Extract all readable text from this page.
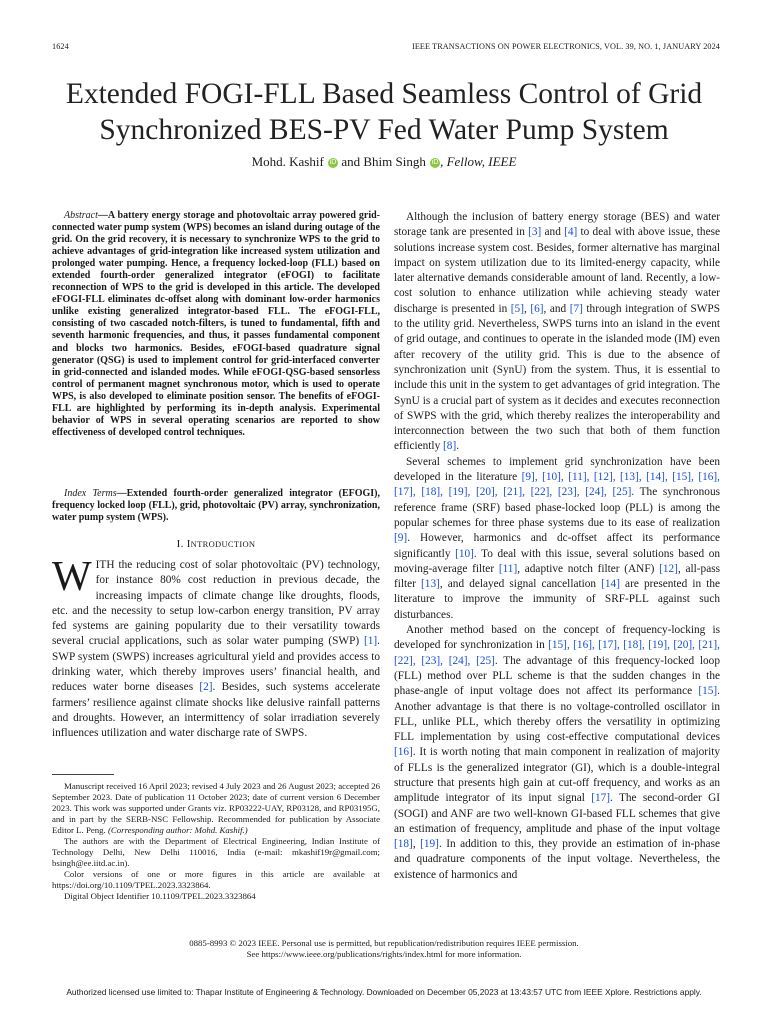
1624	IEEE TRANSACTIONS ON POWER ELECTRONICS, VOL. 39, NO. 1, JANUARY 2024
Extended FOGI-FLL Based Seamless Control of Grid
Synchronized BES-PV Fed Water Pump System
Mohd. Kashif iD and Bhim Singh iD , Fellow, IEEE
Abstract—A battery energy storage and photovoltaic array powered grid-connected water pump system (WPS) becomes an island during outage of the grid. On the grid recovery, it is necessary to synchronize WPS to the grid to achieve advantages of grid-integration like increased system utilization and prolonged water pumping. Hence, a frequency locked-loop (FLL) based on extended fourth-order generalized integrator (eFOGI) to facilitate reconnection of WPS to the grid is developed in this article. The developed eFOGI-FLL eliminates dc-offset along with dominant low-order harmonics unlike existing generalized integrator-based FLL. The eFOGI-FLL, consisting of two cascaded notch-filters, is tuned to fundamental, fifth and seventh harmonic frequencies, and thus, it passes fundamental component and blocks two harmonics. Besides, eFOGI-based quadrature signal generator (QSG) is used to implement control for grid-interfaced converter in grid-connected and islanded modes. While eFOGI-QSG-based sensorless control of permanent magnet synchronous motor, which is used to operate WPS, is also developed to eliminate position sensor. The benefits of eFOGI-FLL are highlighted by performing its in-depth analysis. Experimental behavior of WPS in several operating scenarios are reported to show effectiveness of developed control techniques.
Index Terms—Extended fourth-order generalized integrator (EFOGI), frequency locked loop (FLL), grid, photovoltaic (PV) array, synchronization, water pump system (WPS).
I. INTRODUCTION
WITH the reducing cost of solar photovoltaic (PV) technology, for instance 80% cost reduction in previous decade, the increasing impacts of climate change like droughts, floods, etc. and the necessity to setup low-carbon energy transition, PV array fed systems are gaining popularity due to their versatility towards several crucial applications, such as solar water pumping (SWP) [1]. SWP system (SWPS) increases agricultural yield and provides access to drinking water, which thereby improves users’ financial health, and reduces water borne diseases [2]. Besides, such systems accelerate farmers’ resilience against climate shocks like delusive rainfall patterns and droughts. However, an intermittency of solar irradiation severely influences utilization and water discharge rate of SWPS.

Manuscript received 16 April 2023; revised 4 July 2023 and 26 August 2023; accepted 26 September 2023. Date of publication 11 October 2023; date of current version 6 December 2023. This work was supported under Grants viz. RP03222-UAY, RP03128, and RP03195G, and in part by the SERB-NSC Fellowship. Recommended for publication by Associate Editor L. Peng. (Corresponding author: Mohd. Kashif.)

The authors are with the Department of Electrical Engineering, Indian Institute of Technology Delhi, New Delhi 110016, India (e-mail: mkashif19r@gmail.com; bsingh@ee.iitd.ac.in).

Color versions of one or more figures in this article are available at https://doi.org/10.1109/TPEL.2023.3323864.

Digital Object Identifier 10.1109/TPEL.2023.3323864

Although the inclusion of battery energy storage (BES) and water storage tank are presented in [3] and [4] to deal with above issue, these solutions increase system cost. Besides, former alternative has marginal impact on system utilization due to its limited-energy capacity, while later alternative demands considerable amount of land. Recently, a low-cost solution to enhance utilization while achieving steady water discharge is presented in [5], [6], and [7] through integration of SWPS to the utility grid. Nevertheless, SWPS turns into an island in the event of grid outage, and continues to operate in the islanded mode (IM) even after recovery of the utility grid. This is due to the absence of synchronization unit (SynU) from the system. Thus, it is essential to include this unit in the system to get advantages of grid integration. The SynU is a crucial part of system as it decides and executes reconnection of SWPS with the grid, which thereby realizes the interoperability and interconnection between the two such that both of them function efficiently [8].

Several schemes to implement grid synchronization have been developed in the literature [9], [10], [11], [12], [13], [14], [15], [16], [17], [18], [19], [20], [21], [22], [23], [24], [25]. The synchronous reference frame (SRF) based phase-locked loop (PLL) is among the popular schemes for three phase systems due to its ease of realization [9]. However, harmonics and dc-offset affect its performance significantly [10]. To deal with this issue, several solutions based on moving-average filter [11], adaptive notch filter (ANF) [12], all-pass filter [13], and delayed signal cancellation [14] are presented in the literature to improve the immunity of SRF-PLL against such disturbances.

Another method based on the concept of frequency-locking is developed for synchronization in [15], [16], [17], [18], [19], [20], [21], [22], [23], [24], [25]. The advantage of this frequency-locked loop (FLL) method over PLL scheme is that the sudden changes in the phase-angle of input voltage does not affect its performance [15]. Another advantage is that there is no voltage-controlled oscillator in FLL, unlike PLL, which thereby offers the versatility in optimizing FLL implementation by using cost-effective computational devices [16]. It is worth noting that main component in realization of majority of FLLs is the generalized integrator (GI), which is a double-integral structure that presents high gain at cut-off frequency, and works as an amplitude integrator of its input signal [17]. The second-order GI (SOGI) and ANF are two well-known GI-based FLL schemes that give an estimation of frequency, amplitude and phase of the input voltage [18], [19]. In addition to this, they provide an estimation of in-phase and quadrature components of the input voltage. Nevertheless, the existence of harmonics and

0885-8993 © 2023 IEEE. Personal use is permitted, but republication/redistribution requires IEEE permission.
See https://www.ieee.org/publications/rights/index.html for more information.
Authorized licensed use limited to: Thapar Institute of Engineering & Technology. Downloaded on December 05,2023 at 13:43:57 UTC from IEEE Xplore. Restrictions apply.
